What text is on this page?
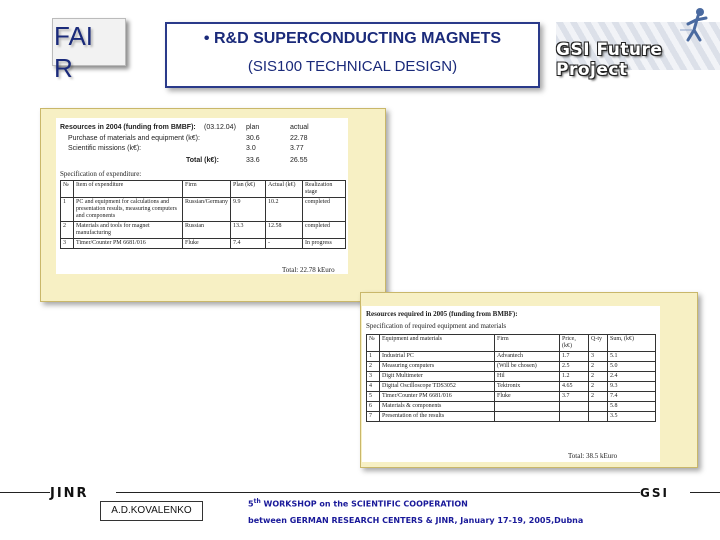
FAI R
• R&D SUPERCONDUCTING MAGNETS
(SIS100 TECHNICAL DESIGN)
GSI Future Project
Resources in 2004 (funding from BMBF): (03.12.04) plan	actual
Purchase of materials and equipment (k€):	30.6	22.78
Scientific missions (k€):	3.0	3.77
Total (k€):	33.6	26.55
Specification of expenditure:
№	Item of expenditure	Firm	Plan (k€)	Actual (k€)	Realization stage
1	PC and equipment for calculations and presentation results, measuring computers and components	Russian/Germany	9.9	10.2	completed
2	Materials and tools for magnet manufacturing	Russian	13.3	12.58	completed
3	Timer/Counter PM 6681/016	Fluke	7.4	-	In progress
Total: 22.78 kEuro
Resources required in 2005 (funding from BMBF):
Specification of required equipment and materials
№	Equipment and materials	Firm	Price, (k€)	Q-ty	Sum, (k€)
1	Industrial PC	Advantech	1.7	3	5.1
2	Measuring computers	(Will be chosen)	2.5	2	5.0
3	Digit Multimeter	Hil	1.2	2	2.4
4	Digital Oscilloscope TDS3052	Tektronix	4.65	2	9.3
5	Timer/Counter PM 6681/016	Fluke	3.7	2	7.4
6	Materials & components				5.8
7	Presentation of the results				3.5
Total: 38.5 kEuro
JINR	GSI
A.D.KOVALENKO
5th WORKSHOP on the SCIENTIFIC COOPERATION
between GERMAN RESEARCH CENTERS & JINR, January 17-19, 2005,Dubna
